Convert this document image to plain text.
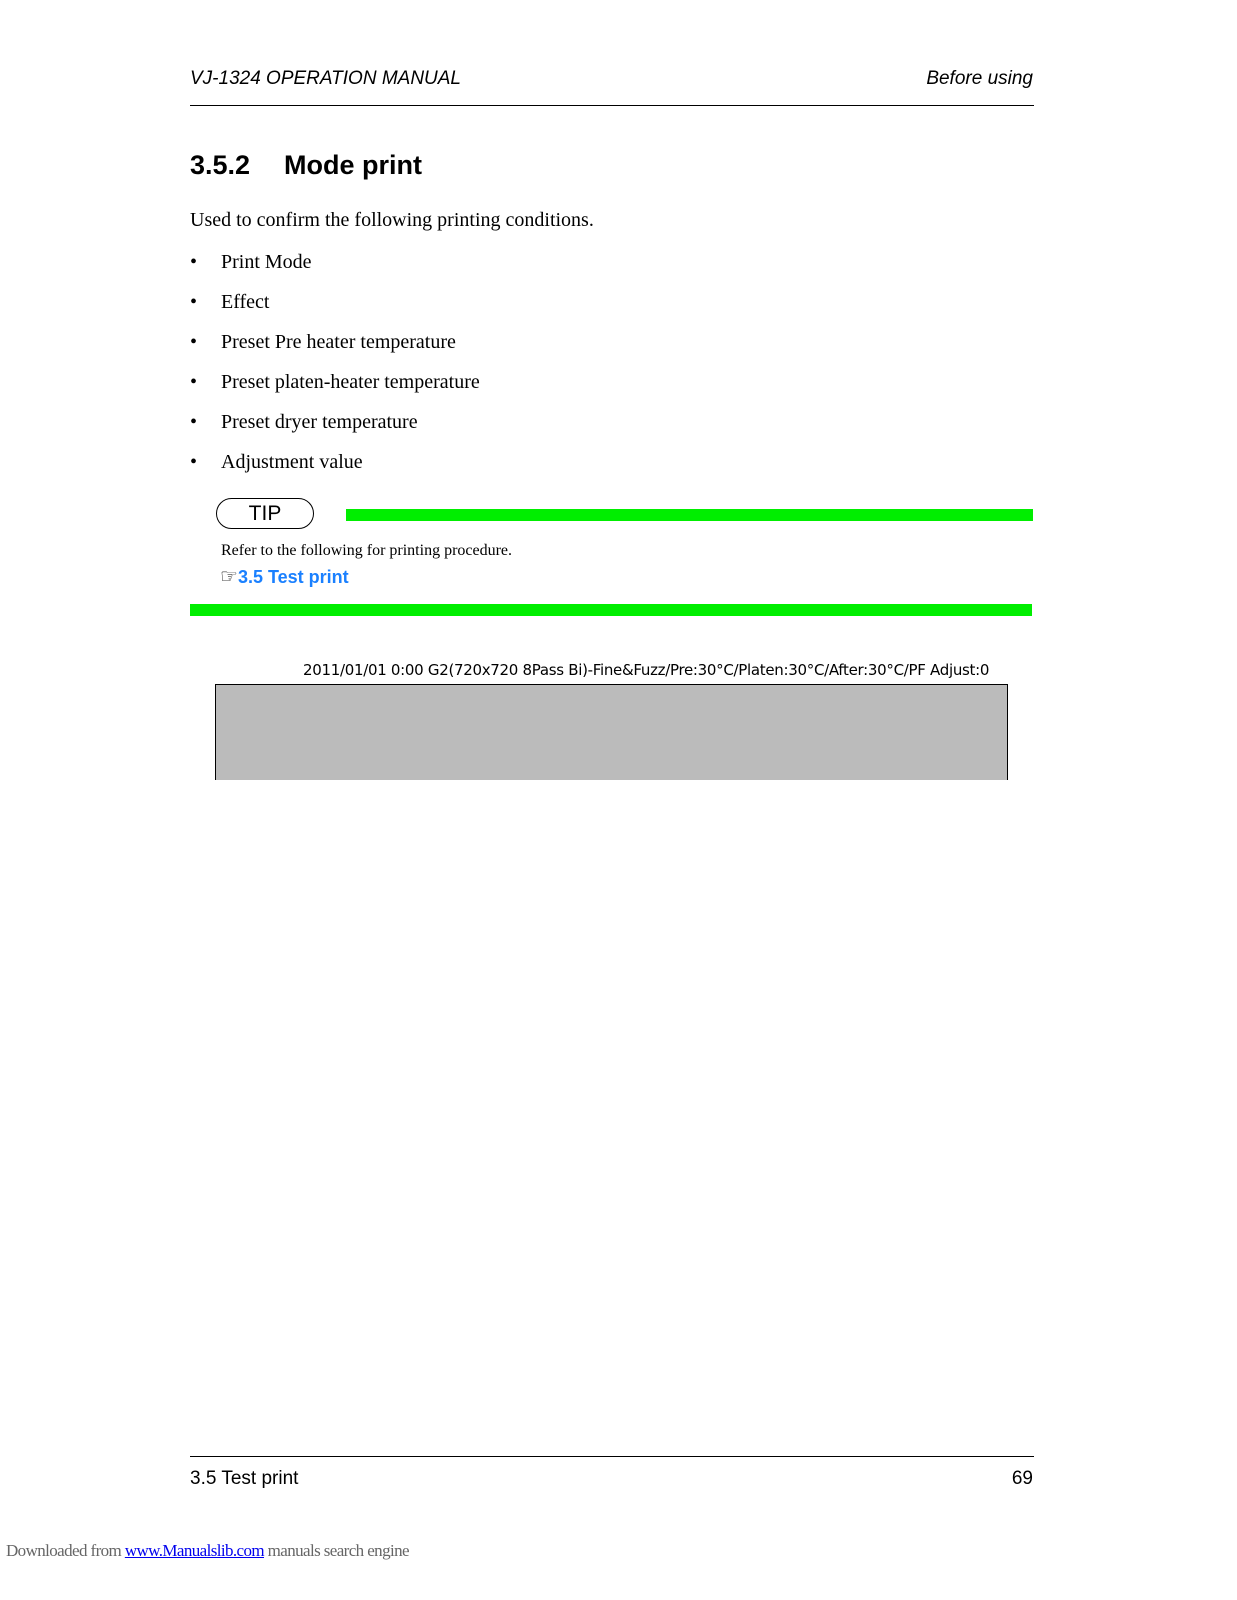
VJ-1324 OPERATION MANUAL	Before using
3.5.2 Mode print
Used to confirm the following printing conditions.
• Print Mode
• Effect
• Preset Pre heater temperature
• Preset platen-heater temperature
• Preset dryer temperature
• Adjustment value
TIP
Refer to the following for printing procedure.
☞3.5 Test print
2011/01/01 0:00 G2(720x720 8Pass Bi)-Fine&Fuzz/Pre:30°C/Platen:30°C/After:30°C/PF Adjust:0
3.5 Test print	69
Downloaded from www.Manualslib.com manuals search engine
